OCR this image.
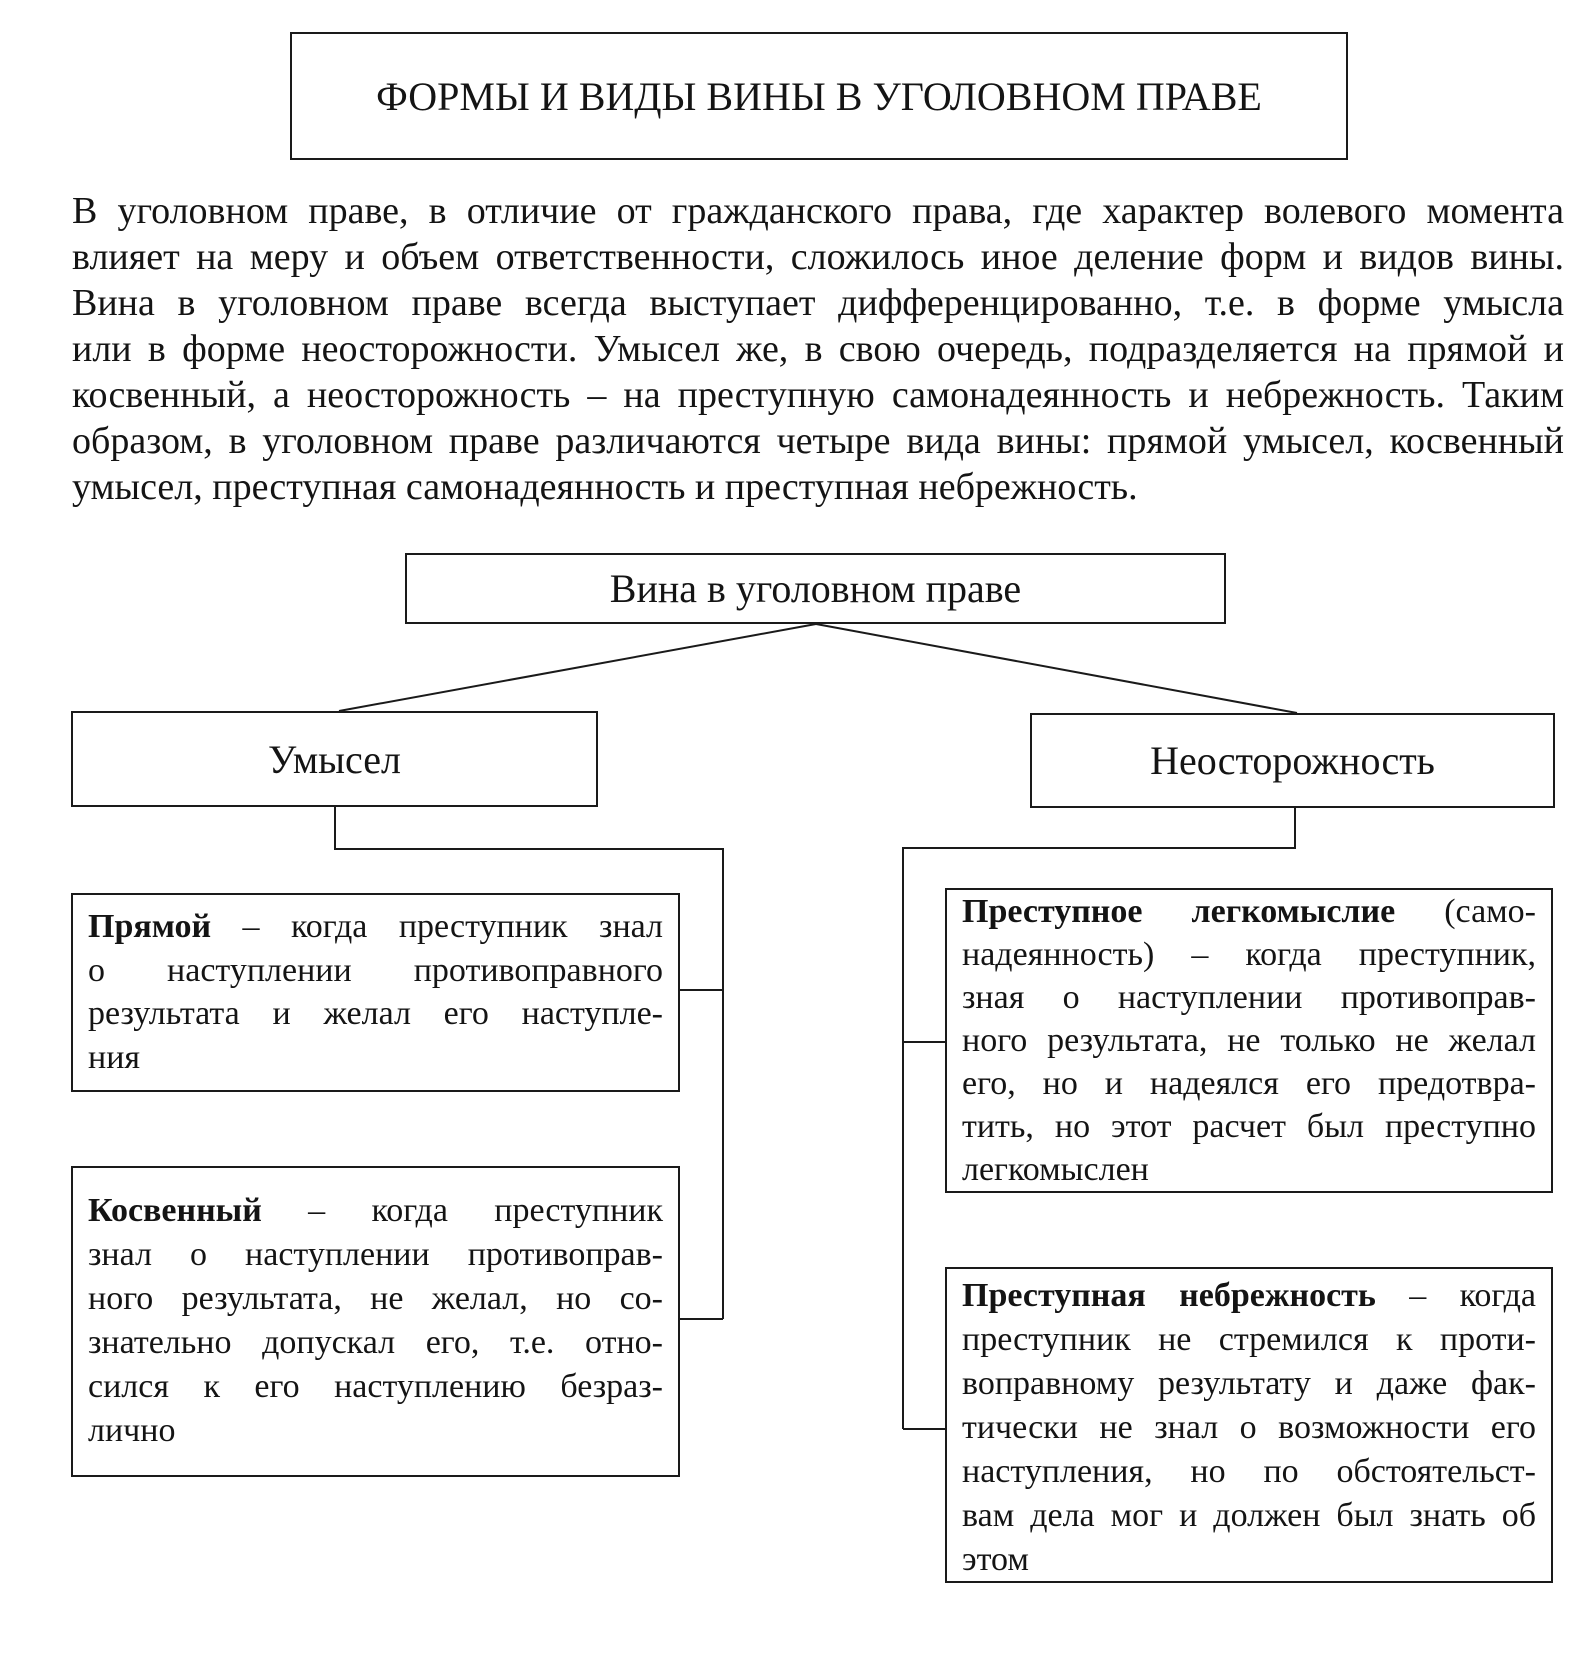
ФОРМЫ И ВИДЫ ВИНЫ В УГОЛОВНОМ ПРАВЕ
В уголовном праве, в отличие от гражданского права, где характер волевого момента
влияет на меру и объем ответственности, сложилось иное деление форм и видов вины.
Вина в уголовном праве всегда выступает дифференцированно, т.е. в форме умысла
или в форме неосторожности. Умысел же, в свою очередь, подразделяется на прямой и
косвенный, а неосторожность – на преступную самонадеянность и небрежность. Таким
образом, в уголовном праве различаются четыре вида вины: прямой умысел, косвенный
умысел, преступная самонадеянность и преступная небрежность.
Вина в уголовном праве
Умысел	Неосторожность
Прямой – когда преступник знал
о наступлении противоправного
результата и желал его наступле-
ния
Косвенный – когда преступник
знал о наступлении противоправ-
ного результата, не желал, но со-
знательно допускал его, т.е. отно-
сился к его наступлению безраз-
лично
Преступное легкомыслие (само-
надеянность) – когда преступник,
зная о наступлении противоправ-
ного результата, не только не желал
его, но и надеялся его предотвра-
тить, но этот расчет был преступно
легкомыслен
Преступная небрежность – когда
преступник не стремился к проти-
воправному результату и даже фак-
тически не знал о возможности его
наступления, но по обстоятельст-
вам дела мог и должен был знать об
этом
